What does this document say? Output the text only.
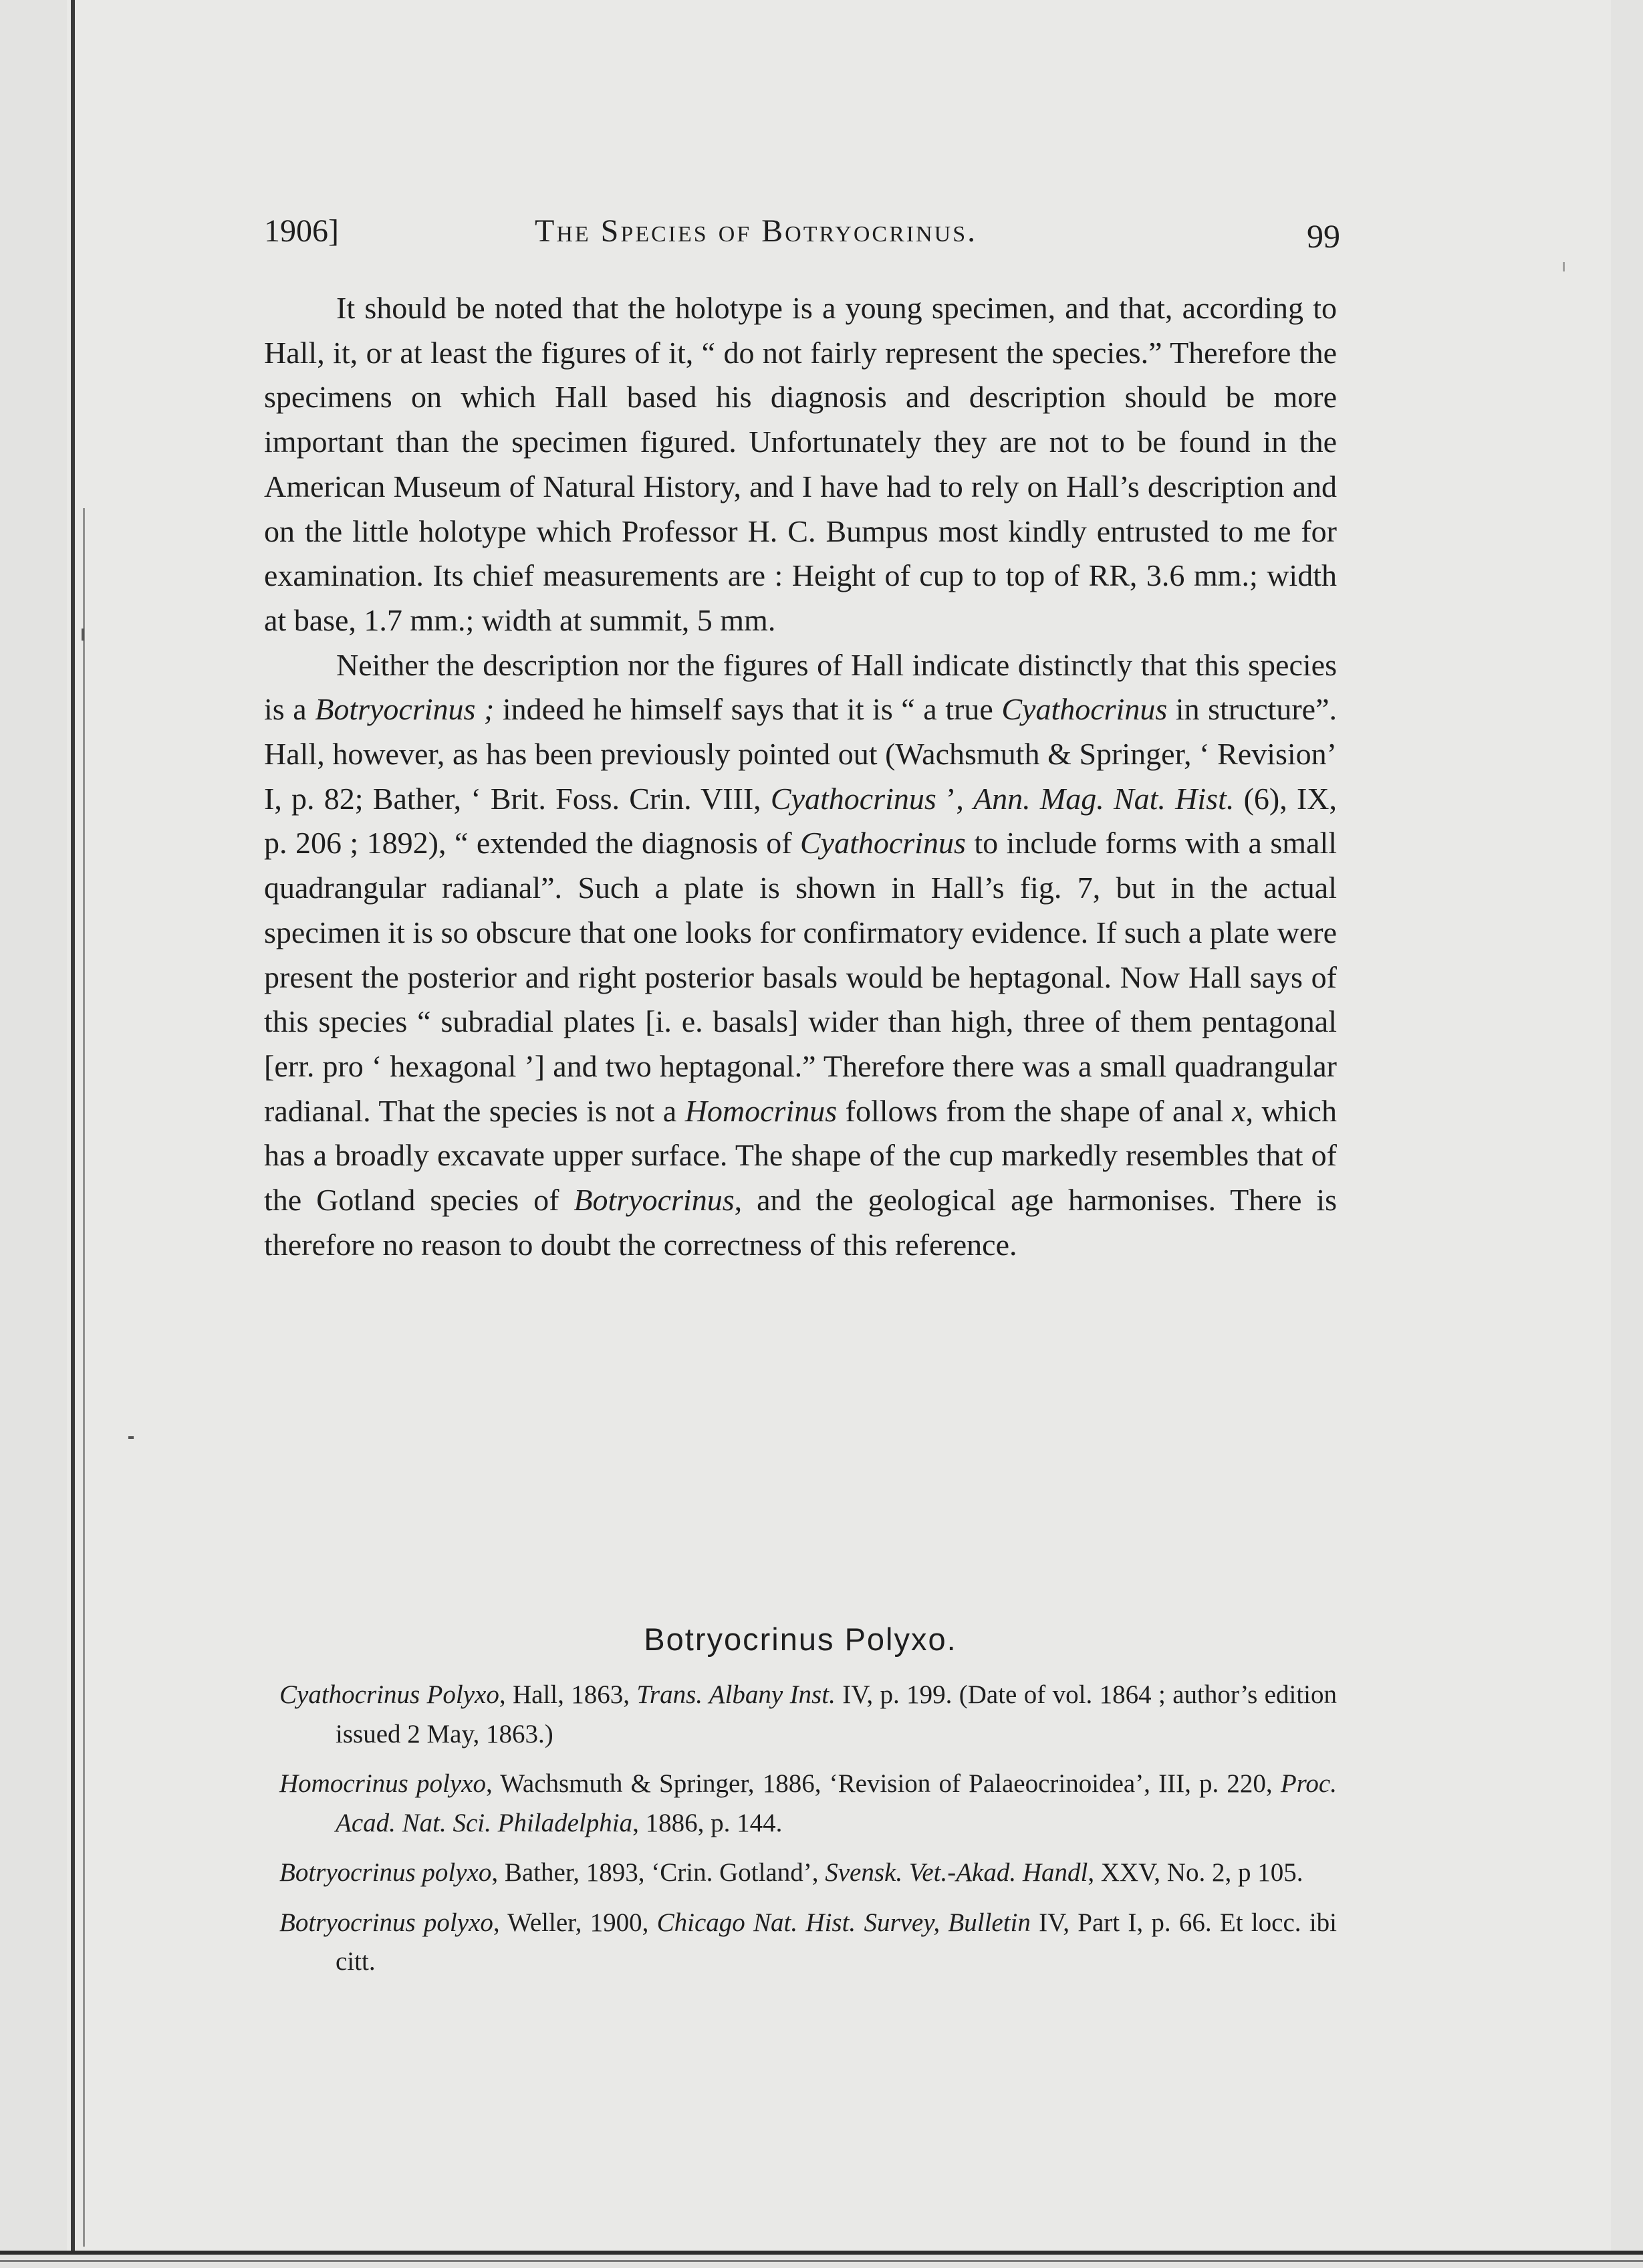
1906]	The Species of Botryocrinus.	99

It should be noted that the holotype is a young specimen, and that, according to Hall, it, or at least the figures of it, “ do not fairly represent the species.” Therefore the specimens on which Hall based his diagnosis and description should be more important than the specimen figured. Unfortunately they are not to be found in the American Museum of Natural History, and I have had to rely on Hall’s description and on the little holotype which Professor H. C. Bumpus most kindly entrusted to me for examination. Its chief measurements are : Height of cup to top of RR, 3.6 mm.; width at base, 1.7 mm.; width at summit, 5 mm.

Neither the description nor the figures of Hall indicate distinctly that this species is a Botryocrinus ; indeed he himself says that it is “ a true Cyathocrinus in structure”. Hall, however, as has been previously pointed out (Wachsmuth & Springer, ‘ Revision’ I, p. 82; Bather, ‘ Brit. Foss. Crin. VIII, Cyathocrinus ’, Ann. Mag. Nat. Hist. (6), IX, p. 206 ; 1892), “ extended the diagnosis of Cyathocrinus to include forms with a small quadrangular radianal”. Such a plate is shown in Hall’s fig. 7, but in the actual specimen it is so obscure that one looks for confirmatory evidence. If such a plate were present the posterior and right posterior basals would be heptagonal. Now Hall says of this species “ subradial plates [i. e. basals] wider than high, three of them pentagonal [err. pro ‘ hexagonal ’] and two heptagonal.” Therefore there was a small quadrangular radianal. That the species is not a Homocrinus follows from the shape of anal x, which has a broadly excavate upper surface. The shape of the cup markedly resembles that of the Gotland species of Botryocrinus, and the geological age harmonises. There is therefore no reason to doubt the correctness of this reference.

Botryocrinus Polyxo.
Cyathocrinus Polyxo, Hall, 1863, Trans. Albany Inst. IV, p. 199. (Date of vol. 1864 ; author’s edition issued 2 May, 1863.)
Homocrinus polyxo, Wachsmuth & Springer, 1886, ‘Revision of Palaeocrinoidea’, III, p. 220, Proc. Acad. Nat. Sci. Philadelphia, 1886, p. 144.
Botryocrinus polyxo, Bather, 1893, ‘Crin. Gotland’, Svensk. Vet.-Akad. Handl, XXV, No. 2, p 105.
Botryocrinus polyxo, Weller, 1900, Chicago Nat. Hist. Survey, Bulletin IV, Part I, p. 66. Et locc. ibi citt.
